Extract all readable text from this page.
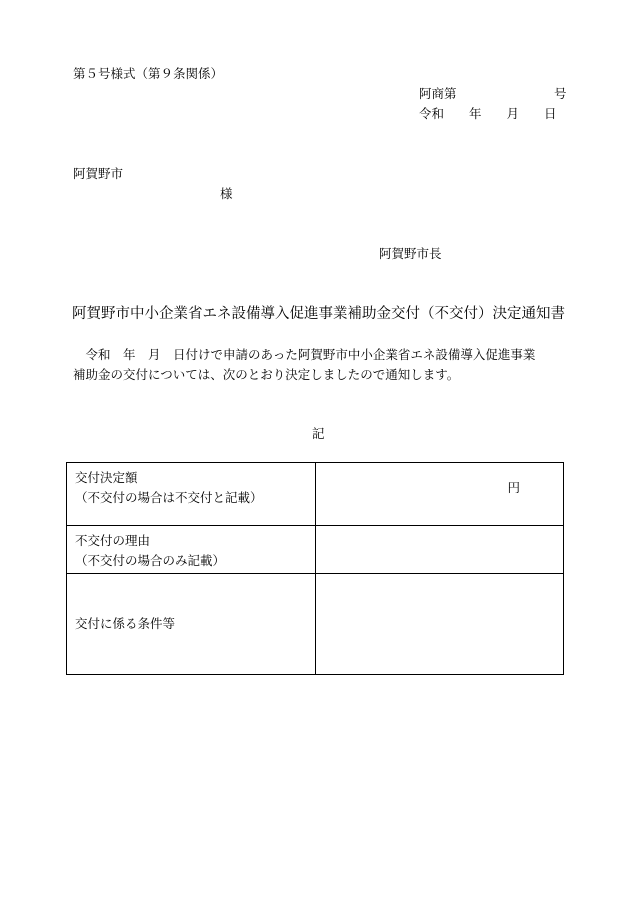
第５号様式（第９条関係）
阿商第	号
令和　　年　　月　　日
阿賀野市
様
阿賀野市長
阿賀野市中小企業省エネ設備導入促進事業補助金交付（不交付）決定通知書
　令和　年　月　日付けで申請のあった阿賀野市中小企業省エネ設備導入促進事業
補助金の交付については、次のとおり決定しましたので通知します。
記
交付決定額
（不交付の場合は不交付と記載）	円

不交付の理由
（不交付の場合のみ記載）	

交付に係る条件等	
